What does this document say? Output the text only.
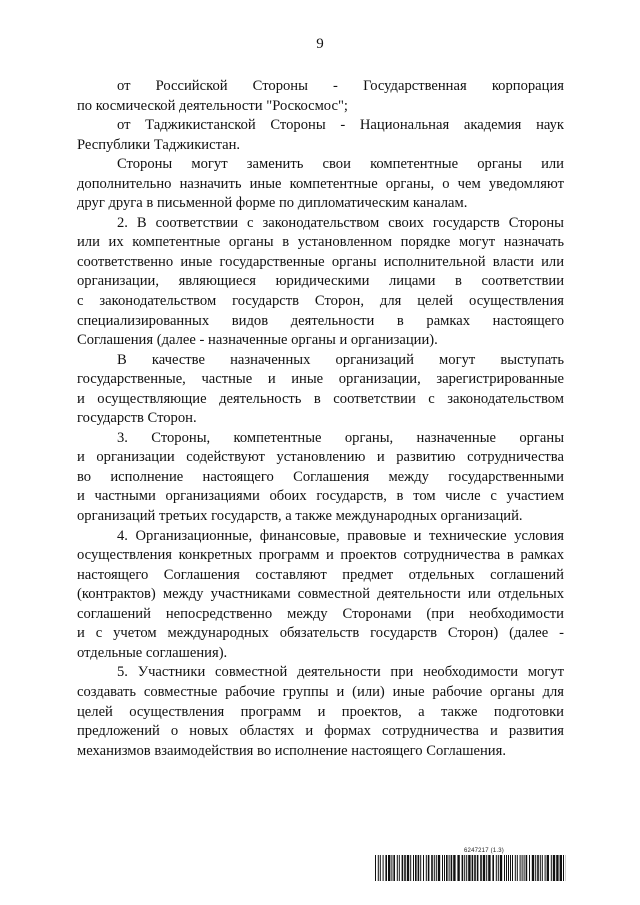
9

от Российской Стороны - Государственная корпорация

по космической деятельности "Роскосмос";

от Таджикистанской Стороны - Национальная академия наук

Республики Таджикистан.

Стороны могут заменить свои компетентные органы или

дополнительно назначить иные компетентные органы, о чем уведомляют

друг друга в письменной форме по дипломатическим каналам.

2. В соответствии с законодательством своих государств Стороны

или их компетентные органы в установленном порядке могут назначать

соответственно иные государственные органы исполнительной власти или

организации, являющиеся юридическими лицами в соответствии

с законодательством государств Сторон, для целей осуществления

специализированных видов деятельности в рамках настоящего

Соглашения (далее - назначенные органы и организации).

В качестве назначенных организаций могут выступать

государственные, частные и иные организации, зарегистрированные

и осуществляющие деятельность в соответствии с законодательством

государств Сторон.

3. Стороны, компетентные органы, назначенные органы

и организации содействуют установлению и развитию сотрудничества

во исполнение настоящего Соглашения между государственными

и частными организациями обоих государств, в том числе с участием

организаций третьих государств, а также международных организаций.

4. Организационные, финансовые, правовые и технические условия

осуществления конкретных программ и проектов сотрудничества в рамках

настоящего Соглашения составляют предмет отдельных соглашений

(контрактов) между участниками совместной деятельности или отдельных

соглашений непосредственно между Сторонами (при необходимости

и с учетом международных обязательств государств Сторон) (далее -

отдельные соглашения).

5. Участники совместной деятельности при необходимости могут

создавать совместные рабочие группы и (или) иные рабочие органы для

целей осуществления программ и проектов, а также подготовки

предложений о новых областях и формах сотрудничества и развития

механизмов взаимодействия во исполнение настоящего Соглашения.

6247217 (1.3)
